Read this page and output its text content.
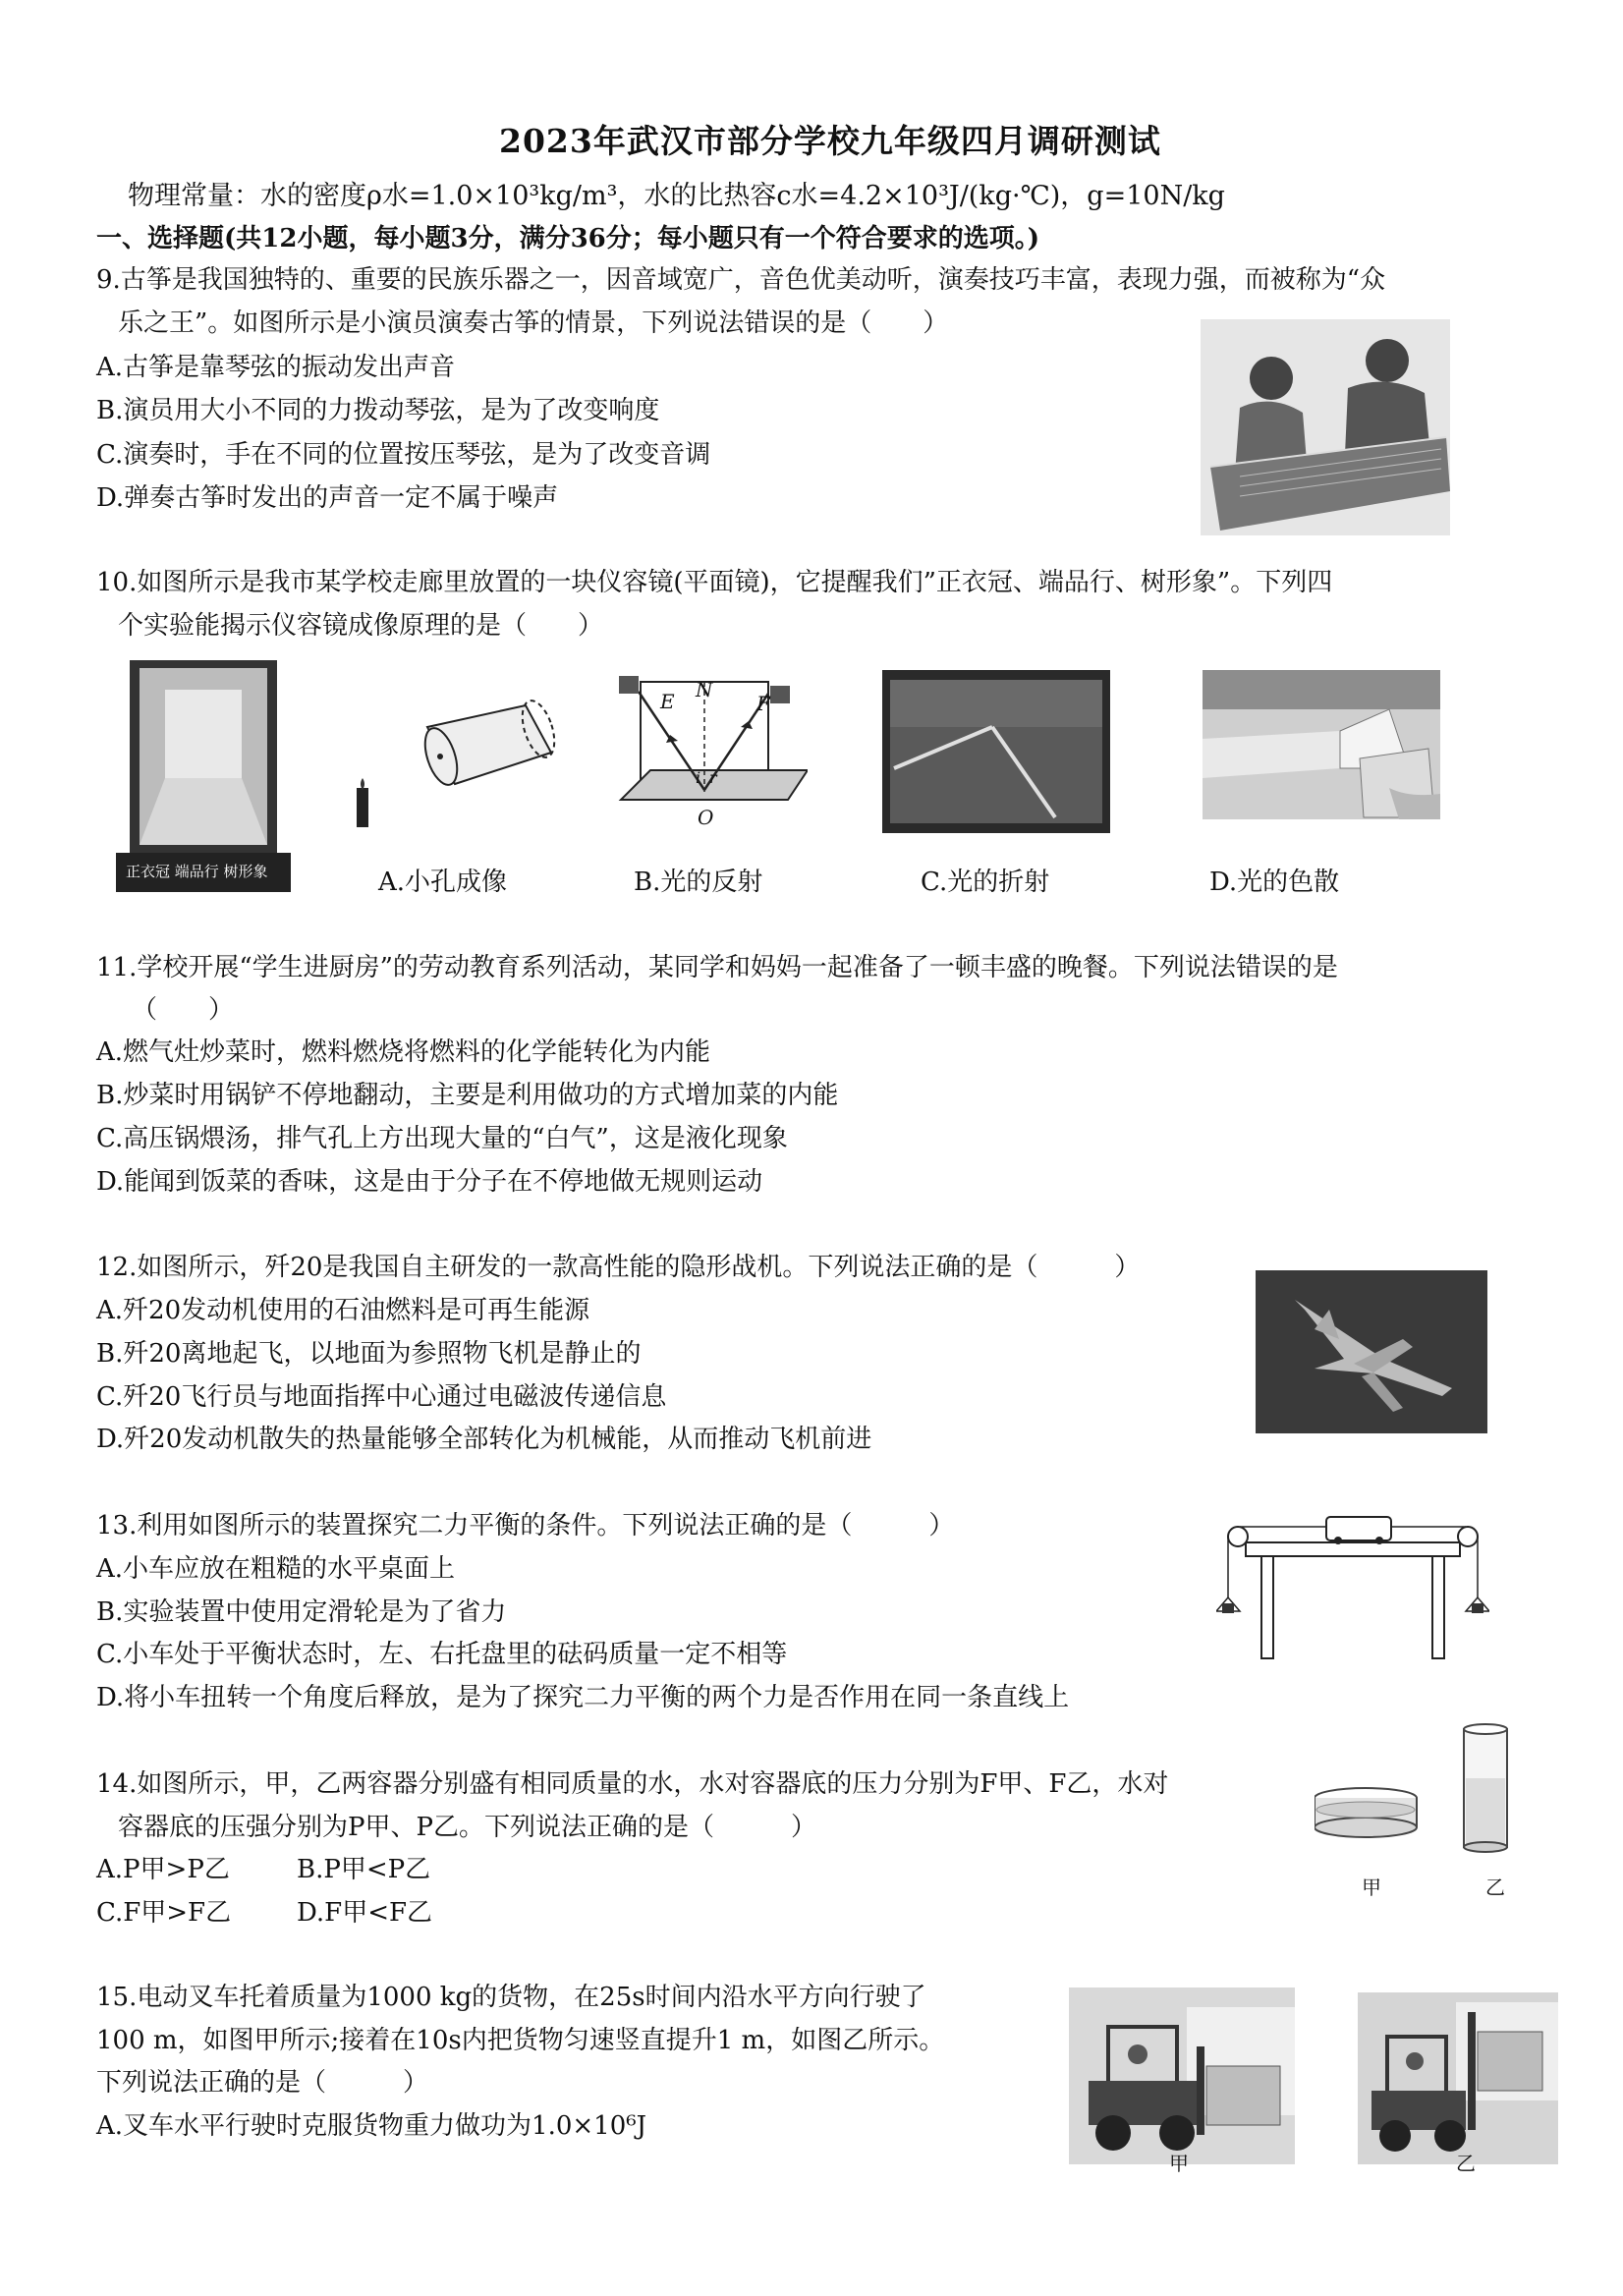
2023年武汉市部分学校九年级四月调研测试
物理常量：水的密度ρ水=1.0×10³kg/m³，水的比热容c水=4.2×10³J/(kg·℃)，g=10N/kg
一、选择题(共12小题，每小题3分，满分36分；每小题只有一个符合要求的选项。)
9.古筝是我国独特的、重要的民族乐器之一，因音域宽广，音色优美动听，演奏技巧丰富，表现力强，而被称为“众
乐之王”。如图所示是小演员演奏古筝的情景，下列说法错误的是（　　）
A.古筝是靠琴弦的振动发出声音
B.演员用大小不同的力拨动琴弦，是为了改变响度
C.演奏时，手在不同的位置按压琴弦，是为了改变音调
D.弹奏古筝时发出的声音一定不属于噪声
10.如图所示是我市某学校走廊里放置的一块仪容镜(平面镜)，它提醒我们”正衣冠、端品行、树形象”。下列四
个实验能揭示仪容镜成像原理的是（　　）
正衣冠 端品行 树形象
E N
F
i r
O
A.小孔成像	B.光的反射	C.光的折射	D.光的色散
11.学校开展“学生进厨房”的劳动教育系列活动，某同学和妈妈一起准备了一顿丰盛的晚餐。下列说法错误的是
（　　）
A.燃气灶炒菜时，燃料燃烧将燃料的化学能转化为内能
B.炒菜时用锅铲不停地翻动，主要是利用做功的方式增加菜的内能
C.高压锅煨汤，排气孔上方出现大量的“白气”，这是液化现象
D.能闻到饭菜的香味，这是由于分子在不停地做无规则运动
12.如图所示，歼20是我国自主研发的一款高性能的隐形战机。下列说法正确的是（　　　）
A.歼20发动机使用的石油燃料是可再生能源
B.歼20离地起飞，以地面为参照物飞机是静止的
C.歼20飞行员与地面指挥中心通过电磁波传递信息
D.歼20发动机散失的热量能够全部转化为机械能，从而推动飞机前进
13.利用如图所示的装置探究二力平衡的条件。下列说法正确的是（　　　）
A.小车应放在粗糙的水平桌面上
B.实验装置中使用定滑轮是为了省力
C.小车处于平衡状态时，左、右托盘里的砝码质量一定不相等
D.将小车扭转一个角度后释放，是为了探究二力平衡的两个力是否作用在同一条直线上
14.如图所示，甲，乙两容器分别盛有相同质量的水，水对容器底的压力分别为F甲、F乙，水对
容器底的压强分别为P甲、P乙。下列说法正确的是（　　　）
A.P甲>P乙	B.P甲<P乙
C.F甲>F乙	D.F甲<F乙
甲	乙
15.电动叉车托着质量为1000 kg的货物，在25s时间内沿水平方向行驶了
100 m，如图甲所示;接着在10s内把货物匀速竖直提升1 m，如图乙所示。
下列说法正确的是（　　　）
A.叉车水平行驶时克服货物重力做功为1.0×10⁶J
甲	乙
